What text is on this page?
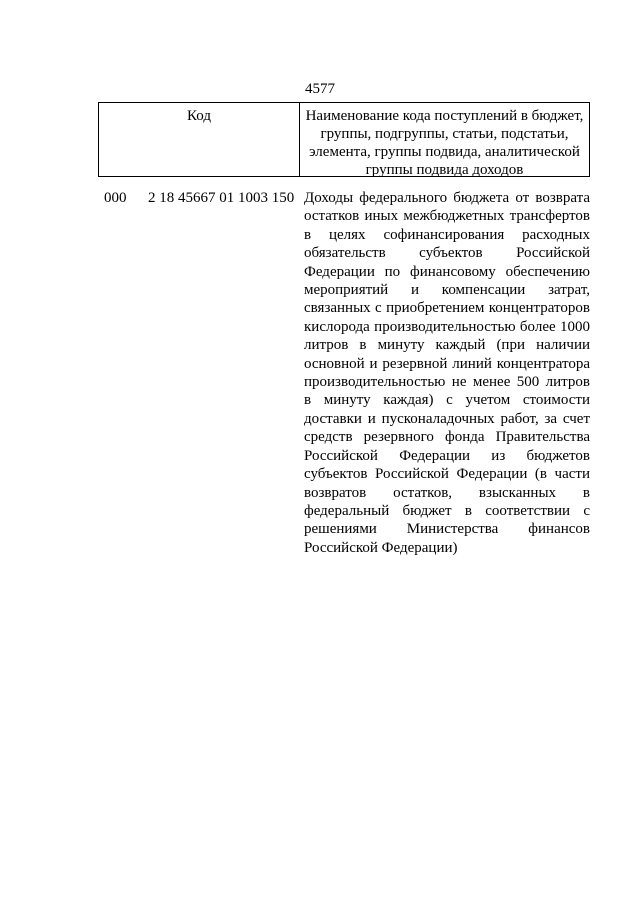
4577
Код	Наименование кода поступлений в бюджет, группы, подгруппы, статьи, подстатьи, элемента, группы подвида, аналитической группы подвида доходов
000 2 18 45667 01 1003 150 Доходы федерального бюджета от возврата остатков иных межбюджетных трансфертов в целях софинансирования расходных обязательств субъектов Российской Федерации по финансовому обеспечению мероприятий и компенсации затрат, связанных с приобретением концентраторов кислорода производительностью более 1000 литров в минуту каждый (при наличии основной и резервной линий концентратора производительностью не менее 500 литров в минуту каждая) с учетом стоимости доставки и пусконаладочных работ, за счет средств резервного фонда Правительства Российской Федерации из бюджетов субъектов Российской Федерации (в части возвратов остатков, взысканных в федеральный бюджет в соответствии с решениями Министерства финансов Российской Федерации)
